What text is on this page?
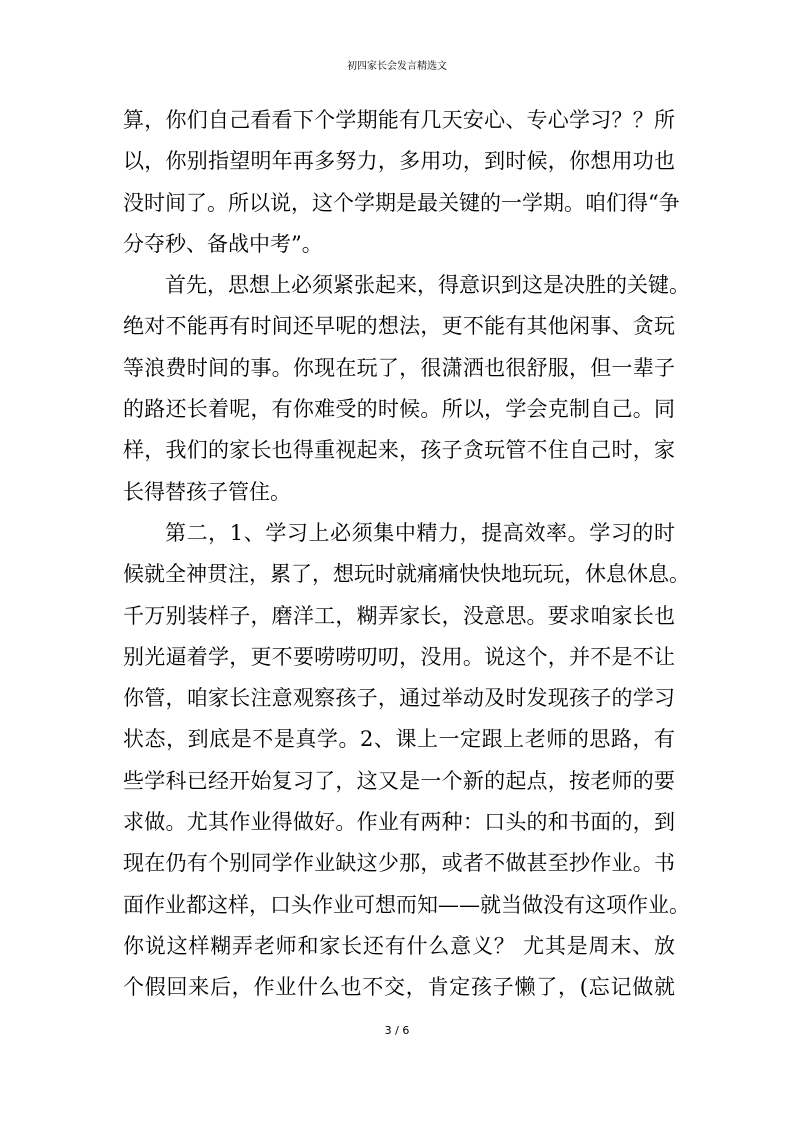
初四家长会发言精选文
算，你们自己看看下个学期能有几天安心、专心学习？？所
以，你别指望明年再多努力，多用功，到时候，你想用功也
没时间了。所以说，这个学期是最关键的一学期。咱们得“争
分夺秒、备战中考”。
首先，思想上必须紧张起来，得意识到这是决胜的关键。
绝对不能再有时间还早呢的想法，更不能有其他闲事、贪玩
等浪费时间的事。你现在玩了，很潇洒也很舒服，但一辈子
的路还长着呢，有你难受的时候。所以，学会克制自己。同
样，我们的家长也得重视起来，孩子贪玩管不住自己时，家
长得替孩子管住。
第二，1、学习上必须集中精力，提高效率。学习的时
候就全神贯注，累了，想玩时就痛痛快快地玩玩，休息休息。
千万别装样子，磨洋工，糊弄家长，没意思。要求咱家长也
别光逼着学，更不要唠唠叨叨，没用。说这个，并不是不让
你管，咱家长注意观察孩子，通过举动及时发现孩子的学习
状态，到底是不是真学。2、课上一定跟上老师的思路，有
些学科已经开始复习了，这又是一个新的起点，按老师的要
求做。尤其作业得做好。作业有两种：口头的和书面的，到
现在仍有个别同学作业缺这少那，或者不做甚至抄作业。书
面作业都这样，口头作业可想而知——就当做没有这项作业。
你说这样糊弄老师和家长还有什么意义？ 尤其是周末、放
个假回来后，作业什么也不交，肯定孩子懒了，(忘记做就
3 / 6
